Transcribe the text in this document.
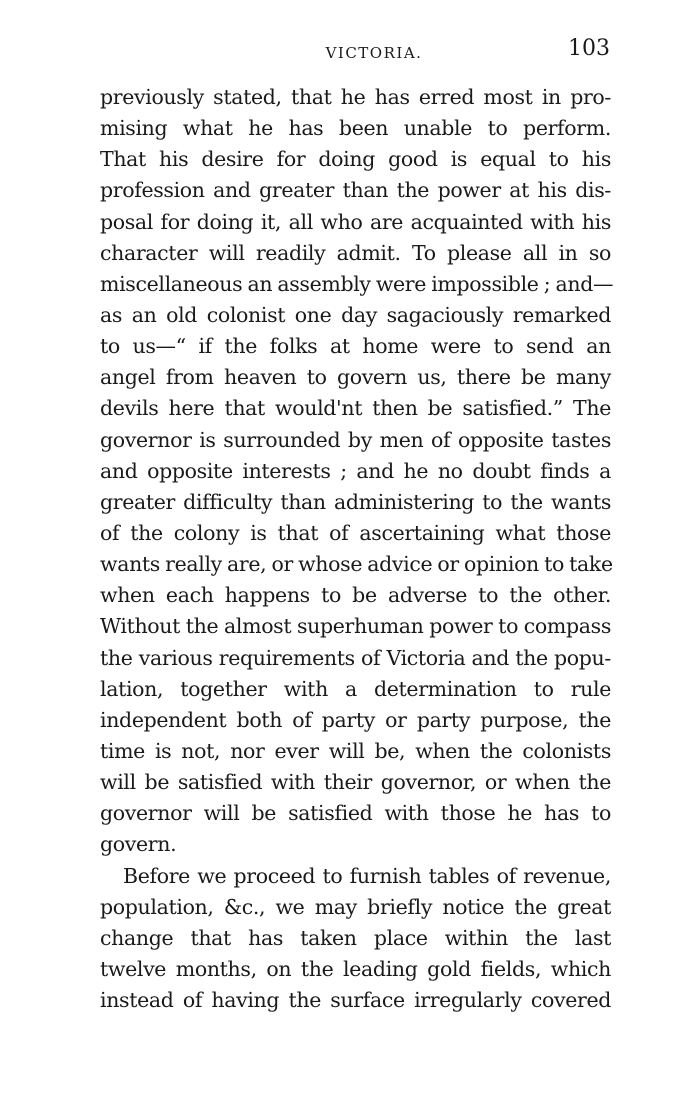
VICTORIA.	103
previously stated, that he has erred most in pro-
mising what he has been unable to perform.
That his desire for doing good is equal to his
profession and greater than the power at his dis-
posal for doing it, all who are acquainted with his
character will readily admit. To please all in so
miscellaneous an assembly were impossible ; and—
as an old colonist one day sagaciously remarked
to us—“ if the folks at home were to send an
angel from heaven to govern us, there be many
devils here that would'nt then be satisfied.” The
governor is surrounded by men of opposite tastes
and opposite interests ; and he no doubt finds a
greater difficulty than administering to the wants
of the colony is that of ascertaining what those
wants really are, or whose advice or opinion to take
when each happens to be adverse to the other.
Without the almost superhuman power to compass
the various requirements of Victoria and the popu-
lation, together with a determination to rule
independent both of party or party purpose, the
time is not, nor ever will be, when the colonists
will be satisfied with their governor, or when the
governor will be satisfied with those he has to
govern.
Before we proceed to furnish tables of revenue,
population, &c., we may briefly notice the great
change that has taken place within the last
twelve months, on the leading gold fields, which
instead of having the surface irregularly covered
